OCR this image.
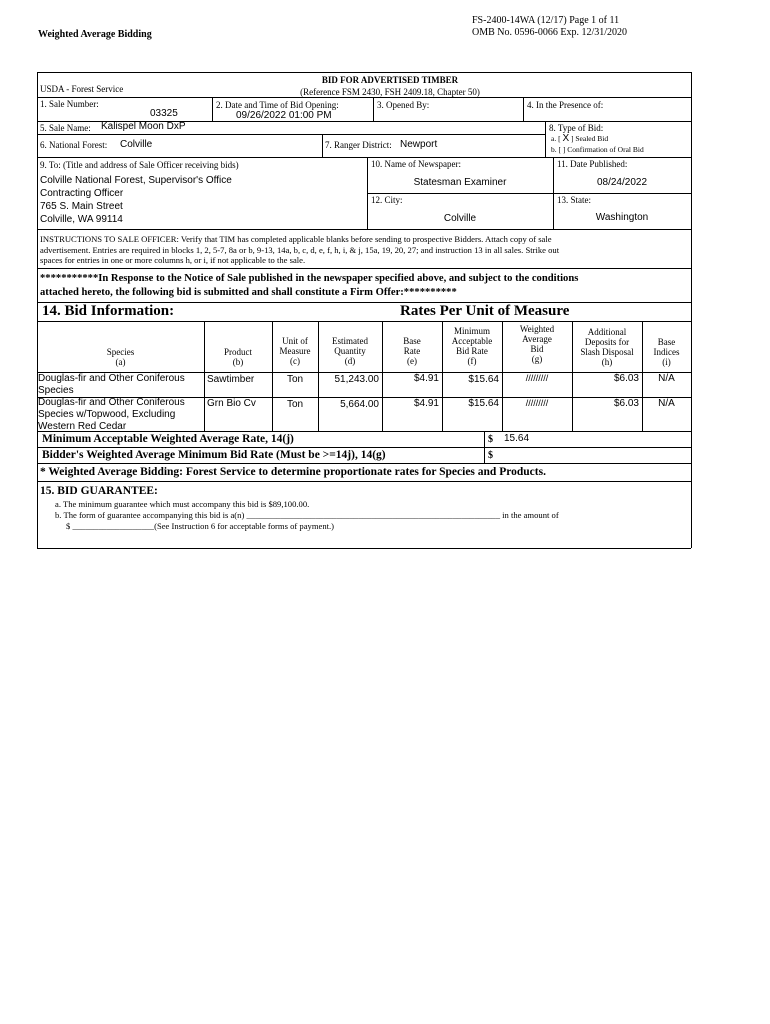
FS-2400-14WA (12/17) Page 1 of 11
OMB No. 0596-0066 Exp. 12/31/2020
Weighted Average Bidding
USDA - Forest Service
BID FOR ADVERTISED TIMBER
(Reference FSM 2430, FSH 2409.18, Chapter 50)
1. Sale Number:
03325
2. Date and Time of Bid Opening:
09/26/2022 01:00 PM
3. Opened By:	4. In the Presence of:
5. Sale Name: Kalispel Moon DxP	8. Type of Bid:
a. [ X ] Sealed Bid
b. [ ] Confirmation of Oral Bid
6. National Forest: Colville	7. Ranger District: Newport
9. To: (Title and address of Sale Officer receiving bids)
Colville National Forest, Supervisor's Office
Contracting Officer
765 S. Main Street
Colville, WA 99114
10. Name of Newspaper:
Statesman Examiner
11. Date Published:
08/24/2022
12. City:
Colville
13. State:
Washington
INSTRUCTIONS TO SALE OFFICER: Verify that TIM has completed applicable blanks before sending to prospective Bidders. Attach copy of sale
advertisement. Entries are required in blocks 1, 2, 5-7, 8a or b, 9-13, 14a, b, c, d, e, f, h, i, & j, 15a, 19, 20, 27; and instruction 13 in all sales. Strike out
spaces for entries in one or more columns h, or i, if not applicable to the sale.
***********In Response to the Notice of Sale published in the newspaper specified above, and subject to the conditions
attached hereto, the following bid is submitted and shall constitute a Firm Offer:**********
14. Bid Information:	Rates Per Unit of Measure
Species
(a)
Product
(b)
Unit of
Measure
(c)
Estimated
Quantity
(d)
Base
Rate
(e)
Minimum
Acceptable
Bid Rate
(f)
Weighted
Average
Bid
(g)
Additional
Deposits for
Slash Disposal
(h)
Base
Indices
(i)
Douglas-fir and Other Coniferous
Species
Sawtimber	Ton	51,243.00	$4.91	$15.64	/////////	$6.03	N/A
Douglas-fir and Other Coniferous
Species w/Topwood, Excluding
Western Red Cedar
Grn Bio Cv	Ton	5,664.00	$4.91	$15.64	/////////	$6.03	N/A
Minimum Acceptable Weighted Average Rate, 14(j)	$ 15.64
Bidder's Weighted Average Minimum Bid Rate (Must be >=14j), 14(g)	$
* Weighted Average Bidding: Forest Service to determine proportionate rates for Species and Products.
15. BID GUARANTEE:
a. The minimum guarantee which must accompany this bid is $89,100.00.
b. The form of guarantee accompanying this bid is a(n) ___________________________________________________________ in the amount of
$ ___________________(See Instruction 6 for acceptable forms of payment.)
